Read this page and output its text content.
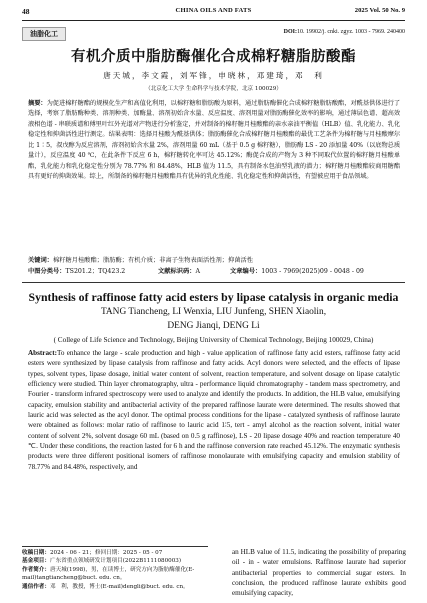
48	CHINA OILS AND FATS	2025 Vol. 50 No. 9
油脂化工	DOI:10. 19902/j. cnki. zgyz. 1003 - 7969. 240400
有机介质中脂肪酶催化合成棉籽糖脂肪酸酯
唐天城，李文霞，刘军锋，申晓林，邓建琦，邓　利
（北京化工大学 生命科学与技术学院，北京 100029）
摘要：为促进棉籽糖酯的规模化生产和高值化利用，以棉籽糖和脂肪酸为原料，通过脂肪酶催化合成棉籽糖脂肪酸酯，对酰基供体进行了选择，考察了脂肪酶种类、溶剂种类、加酶量、溶剂初始含水量、反应温度、溶剂用量对脂肪酶催化效率的影响，通过薄层色谱、超高效液相色谱 - 串联质谱和傅里叶红外光谱对产物进行分析鉴定，并对制备的棉籽糖月桂酸酯的亲水亲油平衡值（HLB）值、乳化能力、乳化稳定性和抑菌活性进行测定。结果表明：选择月桂酸为酰基供体；脂肪酶催化合成棉籽糖月桂酸酯的最优工艺条件为棉籽糖与月桂酸摩尔比 1∶5，叔戊醇为反应溶剂，溶剂初始含水量 2%，溶剂用量 60 mL（基于 0.5 g 棉籽糖），脂肪酶 LS - 20 添加量 40%（以底物总质量计），反应温度 40 ℃，在此条件下反应 6 h，棉籽糖转化率可达 45.12%；酶促合成的产物为 3 种不同取代位置的棉籽糖月桂酸单酯，乳化能力和乳化稳定性分别为 78.77% 和 84.48%，HLB 值为 11.5，具有制备水包油型乳液的潜力；棉籽糖月桂酸酯较商用糖酯具有更好的抑菌效果。综上，所制备的棉籽糖月桂酸酯具有优异的乳化性能、乳化稳定性和抑菌活性，有望被应用于食品领域。
关键词：棉籽糖月桂酸酯；脂肪酶；有机介质；非离子生物表面活性剂；抑菌活性
中图分类号：TS201.2；TQ423.2	文献标识码：A	文章编号：1003 - 7969(2025)09 - 0048 - 09
Synthesis of raffinose fatty acid esters by lipase catalysis in organic media
TANG Tiancheng, LI Wenxia, LIU Junfeng, SHEN Xiaolin,
DENG Jianqi, DENG Li
( College of Life Science and Technology, Beijing University of Chemical Technology, Beijing 100029, China)
Abstract:To enhance the large - scale production and high - value application of raffinose fatty acid esters, raffinose fatty acid esters were synthesized by lipase catalysis from raffinose and fatty acids. Acyl donors were selected, and the effects of lipase types, solvent types, lipase dosage, initial water content of solvent, reaction temperature, and solvent dosage on lipase catalytic efficiency were studied. Thin layer chromatography, ultra - performance liquid chromatography - tandem mass spectrometry, and Fourier - transform infrared spectroscopy were used to analyze and identify the products. In addition, the HLB value, emulsifying capacity, emulsion stability and antibacterial activity of the prepared raffinose laurate were determined. The results showed that lauric acid was selected as the acyl donor. The optimal process conditions for the lipase - catalyzed synthesis of raffinose laurate were obtained as follows: molar ratio of raffinose to lauric acid 1∶5, tert - amyl alcohol as the reaction solvent, initial water content of solvent 2%, solvent dosage 60 mL (based on 0.5 g raffinose), LS - 20 lipase dosage 40% and reaction temperature 40 ℃. Under these conditions, the reaction lasted for 6 h and the raffinose conversion rate reached 45.12%. The enzymatic synthesis products were three different positional isomers of raffinose monolaurate with emulsifying capacity and emulsion stability of 78.77% and 84.48%, respectively, and
收稿日期：2024 - 06 - 21；修回日期：2025 - 05 - 07
基金项目：广东省重点领域研发计划项目(2022B1111080003)
作者简介：唐天城(1998)，男，在读博士，研究方向为脂肪酶催化(E-mail)tangtiancheng@buct. edu. cn。
通信作者：邓　利，教授，博士(E-mail)dengli@buct. edu. cn。
an HLB value of 11.5, indicating the possibility of preparing oil - in - water emulsions. Raffinose laurate had superior antibacterial properties to commercial sugar esters. In conclusion, the produced raffinose laurate exhibits good emulsifying capacity,
